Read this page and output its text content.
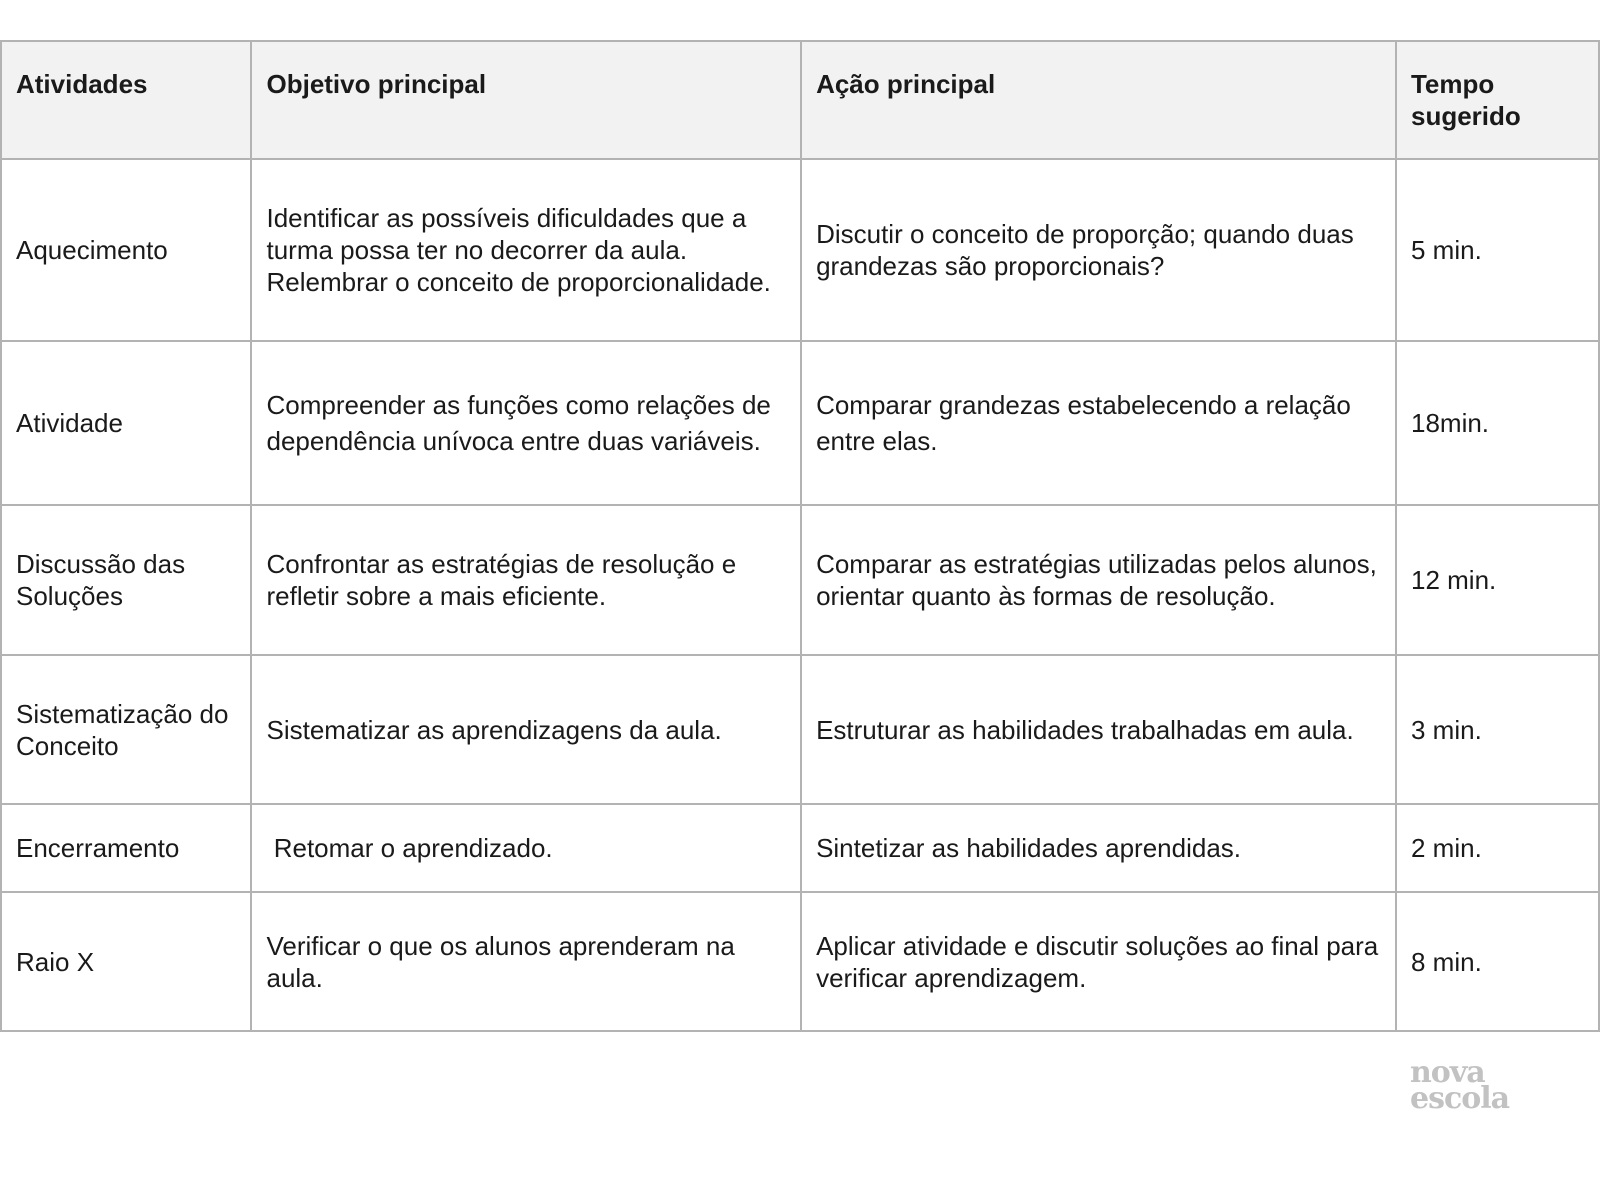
Atividades	Objetivo principal	Ação principal	Tempo sugerido
Aquecimento	Identificar as possíveis dificuldades que a turma possa ter no decorrer da aula. Relembrar o conceito de proporcionalidade.	Discutir o conceito de proporção; quando duas grandezas são proporcionais?	5 min.
Atividade	Compreender as funções como relações de dependência unívoca entre duas variáveis.	Comparar grandezas estabelecendo a relação entre elas.	18min.
Discussão das Soluções	Confrontar as estratégias de resolução e refletir sobre a mais eficiente.	Comparar as estratégias utilizadas pelos alunos, orientar quanto às formas de resolução.	12 min.
Sistematização do Conceito	Sistematizar as aprendizagens da aula.	Estruturar as habilidades trabalhadas em aula.	3 min.
Encerramento	Retomar o aprendizado.	Sintetizar as habilidades aprendidas.	2 min.
Raio X	Verificar o que os alunos aprenderam na aula.	Aplicar atividade e discutir soluções ao final para verificar aprendizagem.	8 min.
nova
escola
